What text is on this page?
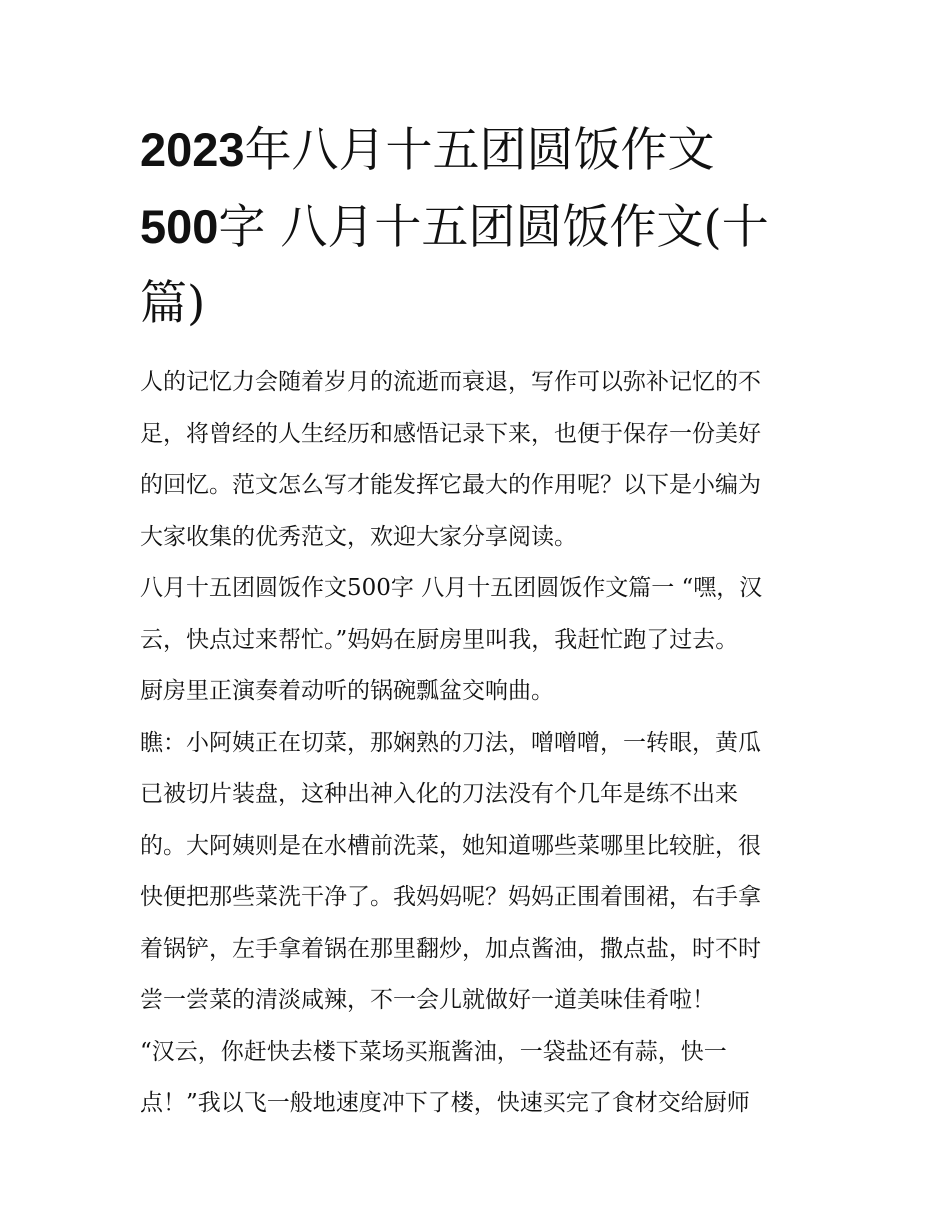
2023年八月十五团圆饭作文
500字 八月十五团圆饭作文(十
篇)
人的记忆力会随着岁月的流逝而衰退，写作可以弥补记忆的不
足，将曾经的人生经历和感悟记录下来，也便于保存一份美好
的回忆。范文怎么写才能发挥它最大的作用呢？以下是小编为
大家收集的优秀范文，欢迎大家分享阅读。
八月十五团圆饭作文500字 八月十五团圆饭作文篇一 “嘿，汉
云，快点过来帮忙。”妈妈在厨房里叫我，我赶忙跑了过去。
厨房里正演奏着动听的锅碗瓢盆交响曲。
瞧：小阿姨正在切菜，那娴熟的刀法，噌噌噌，一转眼，黄瓜
已被切片装盘，这种出神入化的刀法没有个几年是练不出来
的。大阿姨则是在水槽前洗菜，她知道哪些菜哪里比较脏，很
快便把那些菜洗干净了。我妈妈呢？妈妈正围着围裙，右手拿
着锅铲，左手拿着锅在那里翻炒，加点酱油，撒点盐，时不时
尝一尝菜的清淡咸辣，不一会儿就做好一道美味佳肴啦！
“汉云，你赶快去楼下菜场买瓶酱油，一袋盐还有蒜，快一
点！”我以飞一般地速度冲下了楼，快速买完了食材交给厨师
